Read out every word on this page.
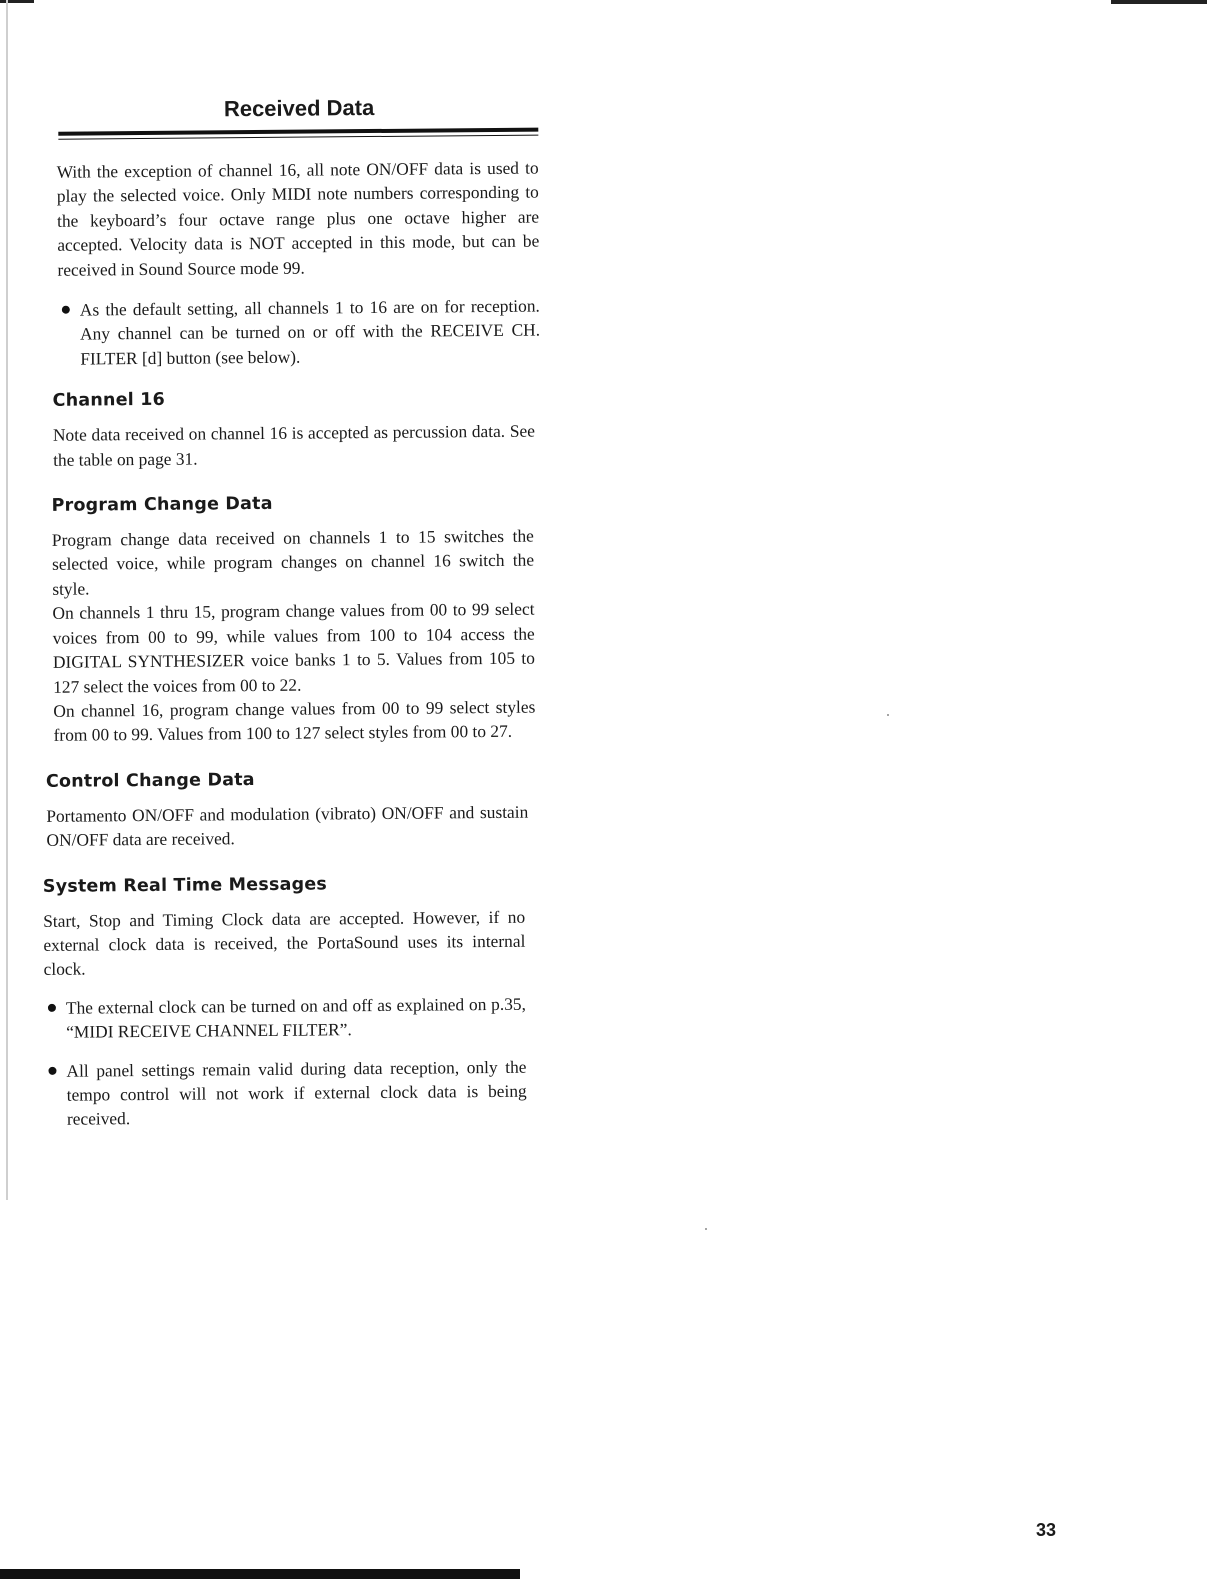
Received Data

With the exception of channel 16, all note ON/OFF data is used to play the selected voice. Only MIDI note numbers corresponding to the keyboard’s four octave range plus one octave higher are accepted. Velocity data is NOT accepted in this mode, but can be received in Sound Source mode 99.

As the default setting, all channels 1 to 16 are on for reception. Any channel can be turned on or off with the RECEIVE CH. FILTER [d] button (see below).
Channel 16

Note data received on channel 16 is accepted as percussion data. See the table on page 31.

Program Change Data

Program change data received on channels 1 to 15 switches the selected voice, while program changes on channel 16 switch the style.

On channels 1 thru 15, program change values from 00 to 99 select voices from 00 to 99, while values from 100 to 104 access the DIGITAL SYNTHESIZER voice banks 1 to 5. Values from 105 to 127 select the voices from 00 to 22.

On channel 16, program change values from 00 to 99 select styles from 00 to 99. Values from 100 to 127 select styles from 00 to 27.

Control Change Data

Portamento ON/OFF and modulation (vibrato) ON/OFF and sustain ON/OFF data are received.

System Real Time Messages

Start, Stop and Timing Clock data are accepted. However, if no external clock data is received, the PortaSound uses its internal clock.

The external clock can be turned on and off as explained on p.35, “MIDI RECEIVE CHANNEL FILTER”.
All panel settings remain valid during data reception, only the tempo control will not work if external clock data is being received.
33
